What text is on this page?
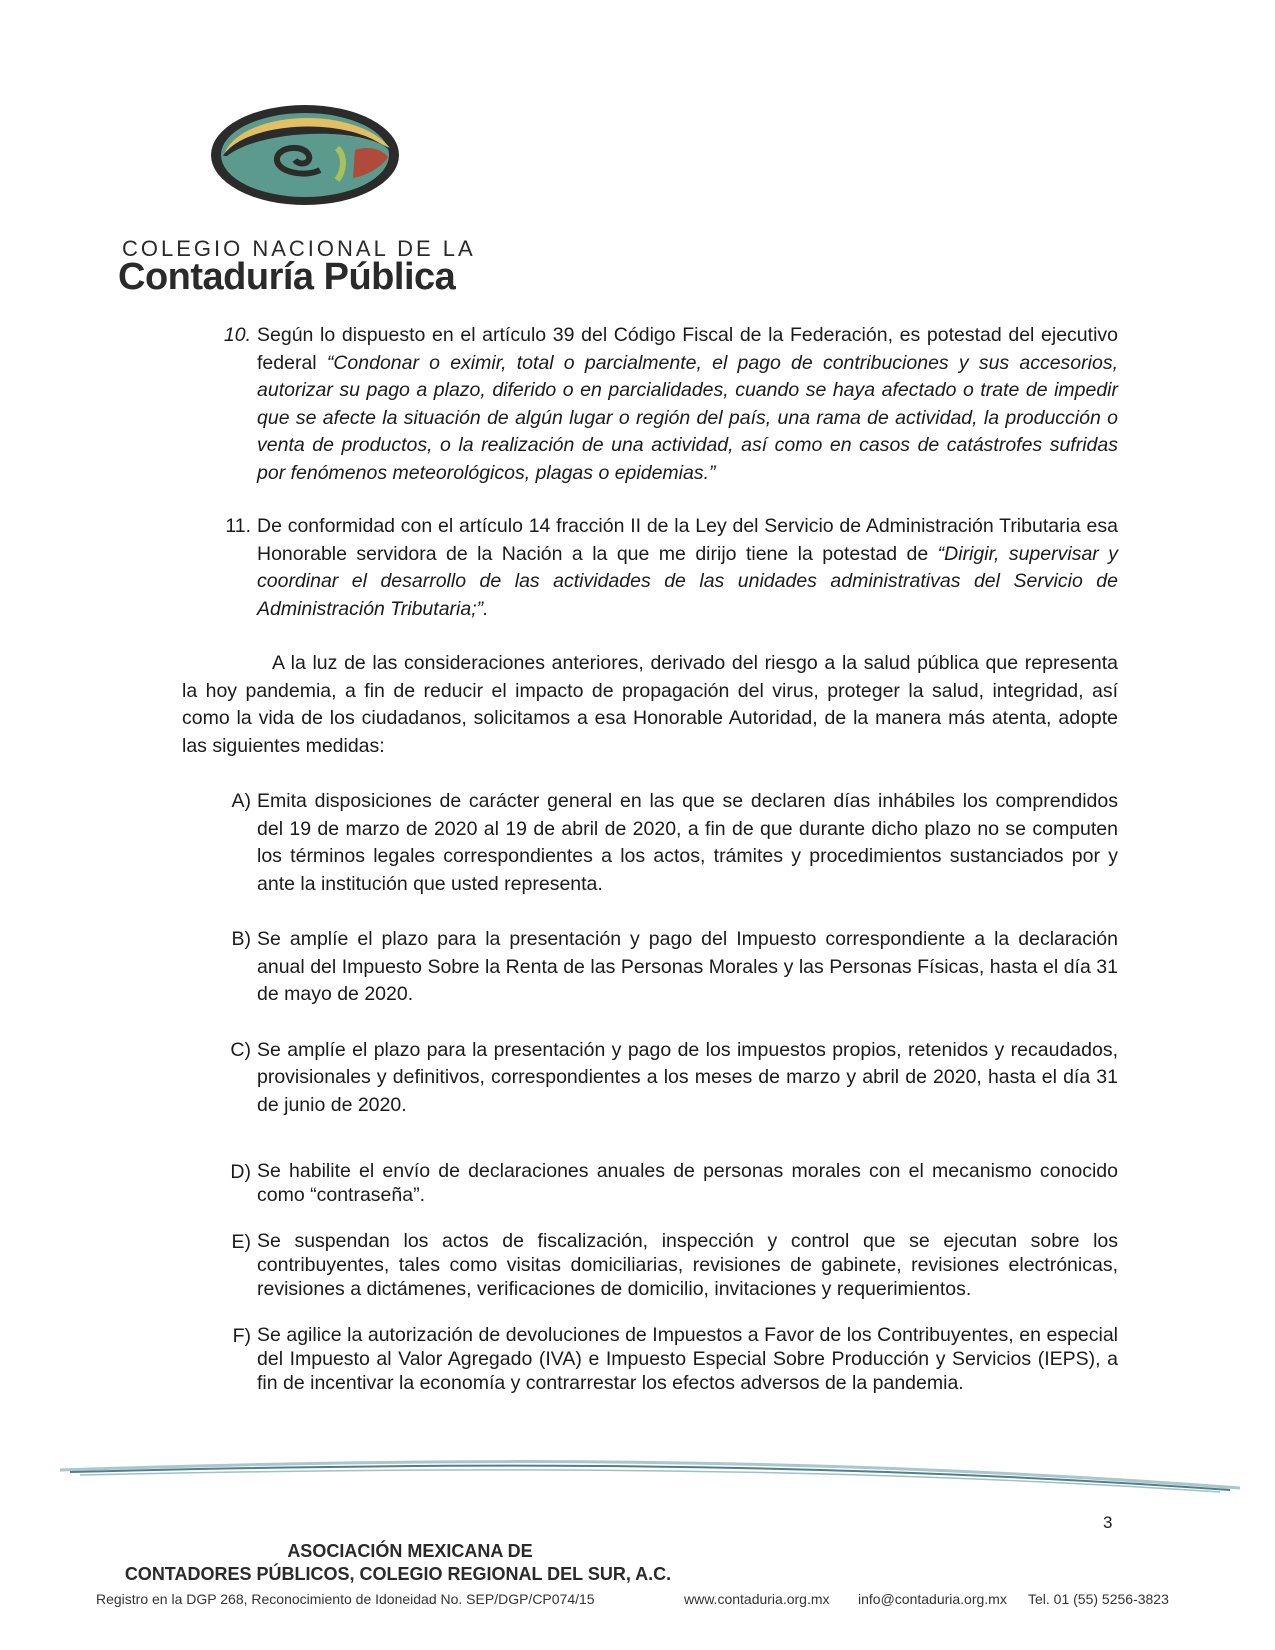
COLEGIO NACIONAL DE LA
Contaduría Pública
10. Según lo dispuesto en el artículo 39 del Código Fiscal de la Federación, es potestad del ejecutivo federal “Condonar o eximir, total o parcialmente, el pago de contribuciones y sus accesorios, autorizar su pago a plazo, diferido o en parcialidades, cuando se haya afectado o trate de impedir que se afecte la situación de algún lugar o región del país, una rama de actividad, la producción o venta de productos, o la realización de una actividad, así como en casos de catástrofes sufridas por fenómenos meteorológicos, plagas o epidemias.”
11. De conformidad con el artículo 14 fracción II de la Ley del Servicio de Administración Tributaria esa Honorable servidora de la Nación a la que me dirijo tiene la potestad de “Dirigir, supervisar y coordinar el desarrollo de las actividades de las unidades administrativas del Servicio de Administración Tributaria;”.

A la luz de las consideraciones anteriores, derivado del riesgo a la salud pública que representa la hoy pandemia, a fin de reducir el impacto de propagación del virus, proteger la salud, integridad, así como la vida de los ciudadanos, solicitamos a esa Honorable Autoridad, de la manera más atenta, adopte las siguientes medidas:

A) Emita disposiciones de carácter general en las que se declaren días inhábiles los comprendidos del 19 de marzo de 2020 al 19 de abril de 2020, a fin de que durante dicho plazo no se computen los términos legales correspondientes a los actos, trámites y procedimientos sustanciados por y ante la institución que usted representa.
B) Se amplíe el plazo para la presentación y pago del Impuesto correspondiente a la declaración anual del Impuesto Sobre la Renta de las Personas Morales y las Personas Físicas, hasta el día 31 de mayo de 2020.
C) Se amplíe el plazo para la presentación y pago de los impuestos propios, retenidos y recaudados, provisionales y definitivos, correspondientes a los meses de marzo y abril de 2020, hasta el día 31 de junio de 2020.
D) Se habilite el envío de declaraciones anuales de personas morales con el mecanismo conocido como “contraseña”.
E) Se suspendan los actos de fiscalización, inspección y control que se ejecutan sobre los contribuyentes, tales como visitas domiciliarias, revisiones de gabinete, revisiones electrónicas, revisiones a dictámenes, verificaciones de domicilio, invitaciones y requerimientos.
F) Se agilice la autorización de devoluciones de Impuestos a Favor de los Contribuyentes, en especial del Impuesto al Valor Agregado (IVA) e Impuesto Especial Sobre Producción y Servicios (IEPS), a fin de incentivar la economía y contrarrestar los efectos adversos de la pandemia.
3

ASOCIACIÓN MEXICANA DE

CONTADORES PÚBLICOS, COLEGIO REGIONAL DEL SUR, A.C.

Registro en la DGP 268, Reconocimiento de Idoneidad No. SEP/DGP/CP074/15	www.contaduria.org.mx info@contaduria.org.mx Tel. 01 (55) 5256-3823
